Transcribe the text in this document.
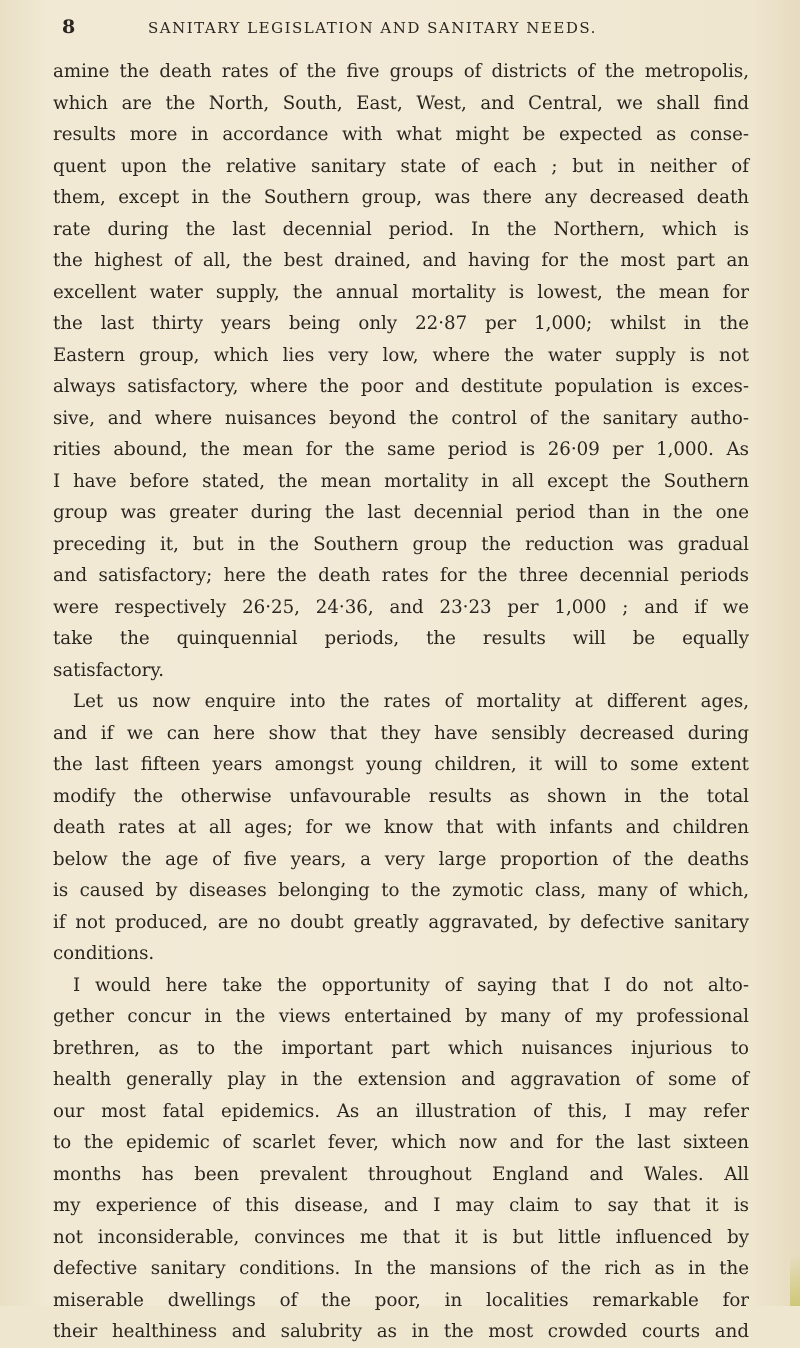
8	SANITARY LEGISLATION AND SANITARY NEEDS.
amine the death rates of the five groups of districts of the metropolis,
which are the North, South, East, West, and Central, we shall find
results more in accordance with what might be expected as conse-
quent upon the relative sanitary state of each ; but in neither of
them, except in the Southern group, was there any decreased death
rate during the last decennial period. In the Northern, which is
the highest of all, the best drained, and having for the most part an
excellent water supply, the annual mortality is lowest, the mean for
the last thirty years being only 22·87 per 1,000; whilst in the
Eastern group, which lies very low, where the water supply is not
always satisfactory, where the poor and destitute population is exces-
sive, and where nuisances beyond the control of the sanitary autho-
rities abound, the mean for the same period is 26·09 per 1,000. As
I have before stated, the mean mortality in all except the Southern
group was greater during the last decennial period than in the one
preceding it, but in the Southern group the reduction was gradual
and satisfactory; here the death rates for the three decennial periods
were respectively 26·25, 24·36, and 23·23 per 1,000 ; and if we
take the quinquennial periods, the results will be equally
satisfactory.
Let us now enquire into the rates of mortality at different ages,
and if we can here show that they have sensibly decreased during
the last fifteen years amongst young children, it will to some extent
modify the otherwise unfavourable results as shown in the total
death rates at all ages; for we know that with infants and children
below the age of five years, a very large proportion of the deaths
is caused by diseases belonging to the zymotic class, many of which,
if not produced, are no doubt greatly aggravated, by defective sanitary
conditions.
I would here take the opportunity of saying that I do not alto-
gether concur in the views entertained by many of my professional
brethren, as to the important part which nuisances injurious to
health generally play in the extension and aggravation of some of
our most fatal epidemics. As an illustration of this, I may refer
to the epidemic of scarlet fever, which now and for the last sixteen
months has been prevalent throughout England and Wales. All
my experience of this disease, and I may claim to say that it is
not inconsiderable, convinces me that it is but little influenced by
defective sanitary conditions. In the mansions of the rich as in the
miserable dwellings of the poor, in localities remarkable for
their healthiness and salubrity as in the most crowded courts and
